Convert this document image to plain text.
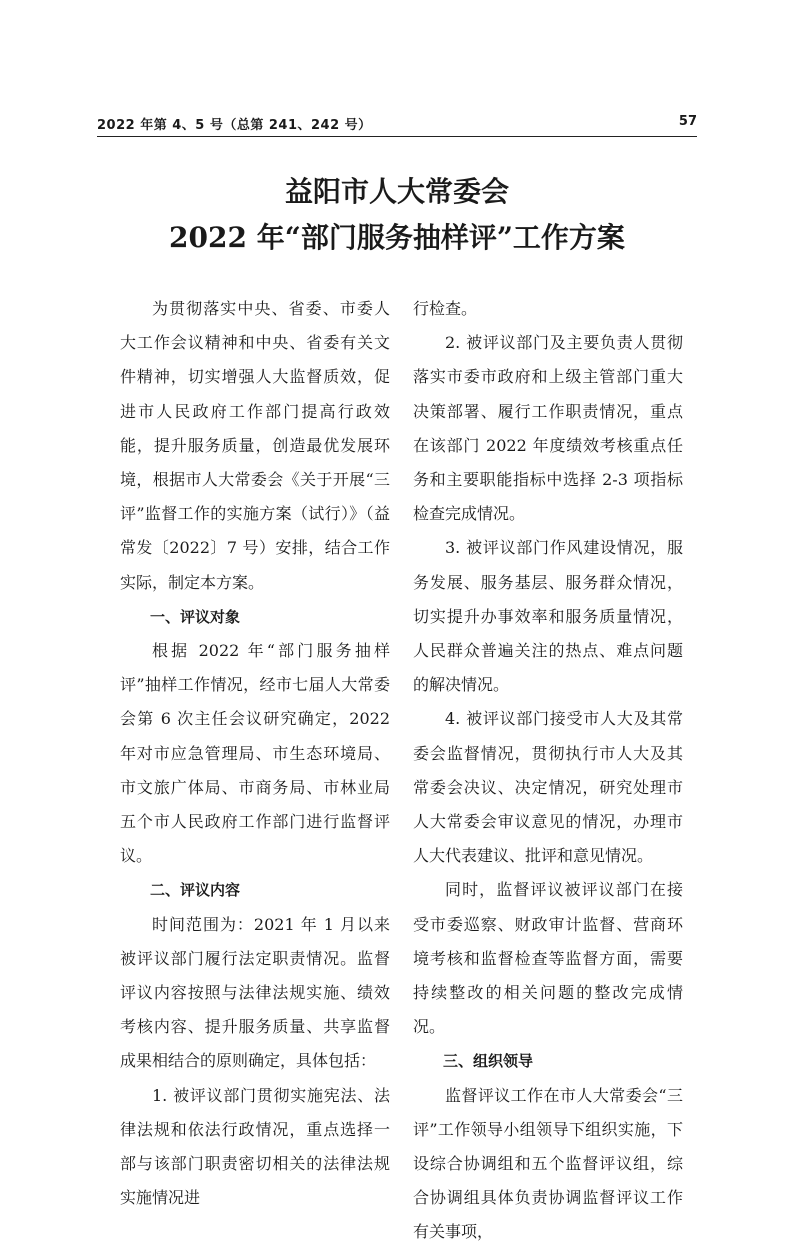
2022 年第 4、5 号（总第 241、242 号）	57
益阳市人大常委会
2022 年“部门服务抽样评”工作方案

为贯彻落实中央、省委、市委人大工作会议精神和中央、省委有关文件精神，切实增强人大监督质效，促进市人民政府工作部门提高行政效能，提升服务质量，创造最优发展环境，根据市人大常委会《关于开展“三评”监督工作的实施方案（试行）》（益常发〔2022〕7 号）安排，结合工作实际，制定本方案。

一、评议对象

根据 2022 年“部门服务抽样评”抽样工作情况，经市七届人大常委会第 6 次主任会议研究确定，2022 年对市应急管理局、市生态环境局、市文旅广体局、市商务局、市林业局五个市人民政府工作部门进行监督评议。

二、评议内容

时间范围为：2021 年 1 月以来被评议部门履行法定职责情况。监督评议内容按照与法律法规实施、绩效考核内容、提升服务质量、共享监督成果相结合的原则确定，具体包括：

1. 被评议部门贯彻实施宪法、法律法规和依法行政情况，重点选择一部与该部门职责密切相关的法律法规实施情况进

行检查。

2. 被评议部门及主要负责人贯彻落实市委市政府和上级主管部门重大决策部署、履行工作职责情况，重点在该部门 2022 年度绩效考核重点任务和主要职能指标中选择 2-3 项指标检查完成情况。

3. 被评议部门作风建设情况，服务发展、服务基层、服务群众情况，切实提升办事效率和服务质量情况，人民群众普遍关注的热点、难点问题的解决情况。

4. 被评议部门接受市人大及其常委会监督情况，贯彻执行市人大及其常委会决议、决定情况，研究处理市人大常委会审议意见的情况，办理市人大代表建议、批评和意见情况。

同时，监督评议被评议部门在接受市委巡察、财政审计监督、营商环境考核和监督检查等监督方面，需要持续整改的相关问题的整改完成情况。

三、组织领导

监督评议工作在市人大常委会“三评”工作领导小组领导下组织实施，下设综合协调组和五个监督评议组，综合协调组具体负责协调监督评议工作有关事项，
